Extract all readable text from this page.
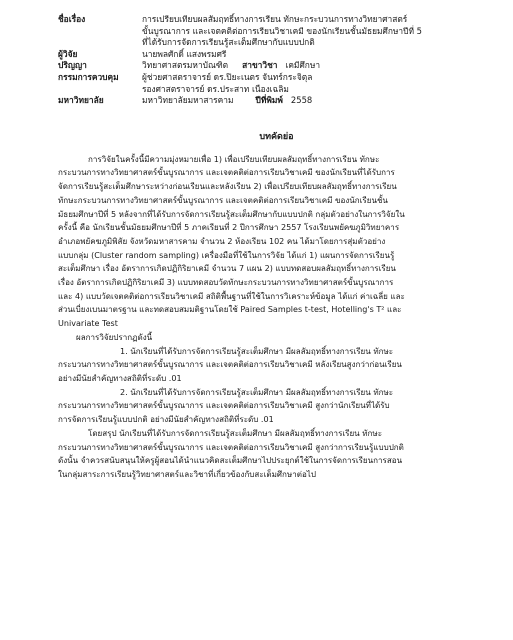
ชื่อเรื่อง	การเปรียบเทียบผลสัมฤทธิ์ทางการเรียน ทักษะกระบวนการทางวิทยาศาสตร์
ขั้นบูรณาการ และเจตคติต่อการเรียนวิชาเคมี ของนักเรียนชั้นมัธยมศึกษาปีที่ 5
ที่ได้รับการจัดการเรียนรู้สะเต็มศึกษากับแบบปกติ
ผู้วิจัย	นายพลศักดิ์ แสงพรมศรี
ปริญญา	วิทยาศาสตรมหาบัณฑิต สาขาวิชา เคมีศึกษา
กรรมการควบคุม	ผู้ช่วยศาสตราจารย์ ดร.ปิยะเนตร จันทร์กระจิตุล
รองศาสตราจารย์ ดร.ประสาท เนืองเฉลิม
มหาวิทยาลัย	มหาวิทยาลัยมหาสารคาม	ปีที่พิมพ์ 2558
บทคัดย่อ
การวิจัยในครั้งนี้มีความมุ่งหมายเพื่อ 1) เพื่อเปรียบเทียบผลสัมฤทธิ์ทางการเรียน ทักษะ
กระบวนการทางวิทยาศาสตร์ขั้นบูรณาการ และเจตคติต่อการเรียนวิชาเคมี ของนักเรียนที่ได้รับการ
จัดการเรียนรู้สะเต็มศึกษาระหว่างก่อนเรียนและหลังเรียน 2) เพื่อเปรียบเทียบผลสัมฤทธิ์ทางการเรียน
ทักษะกระบวนการทางวิทยาศาสตร์ขั้นบูรณาการ และเจตคติต่อการเรียนวิชาเคมี ของนักเรียนชั้น
มัธยมศึกษาปีที่ 5 หลังจากที่ได้รับการจัดการเรียนรู้สะเต็มศึกษากับแบบปกติ กลุ่มตัวอย่างในการวิจัยใน
ครั้งนี้ คือ นักเรียนชั้นมัธยมศึกษาปีที่ 5 ภาคเรียนที่ 2 ปีการศึกษา 2557 โรงเรียนพยัคฆภูมิวิทยาคาร
อำเภอพยัคฆภูมิพิสัย จังหวัดมหาสารคาม จำนวน 2 ห้องเรียน 102 คน ได้มาโดยการสุ่มตัวอย่าง
แบบกลุ่ม (Cluster random sampling) เครื่องมือที่ใช้ในการวิจัย ได้แก่ 1) แผนการจัดการเรียนรู้
สะเต็มศึกษา เรื่อง อัตราการเกิดปฏิกิริยาเคมี จำนวน 7 แผน 2) แบบทดสอบผลสัมฤทธิ์ทางการเรียน
เรื่อง อัตราการเกิดปฏิกิริยาเคมี 3) แบบทดสอบวัดทักษะกระบวนการทางวิทยาศาสตร์ขั้นบูรณาการ
และ 4) แบบวัดเจตคติต่อการเรียนวิชาเคมี สถิติพื้นฐานที่ใช้ในการวิเคราะห์ข้อมูล ได้แก่ ค่าเฉลี่ย และ
ส่วนเบี่ยงเบนมาตรฐาน และทดสอบสมมติฐานโดยใช้ Paired Samples t-test, Hotelling's T² และ
Univariate Test
ผลการวิจัยปรากฏดังนี้
1. นักเรียนที่ได้รับการจัดการเรียนรู้สะเต็มศึกษา มีผลสัมฤทธิ์ทางการเรียน ทักษะ
กระบวนการทางวิทยาศาสตร์ขั้นบูรณาการ และเจตคติต่อการเรียนวิชาเคมี หลังเรียนสูงกว่าก่อนเรียน
อย่างมีนัยสำคัญทางสถิติที่ระดับ .01
2. นักเรียนที่ได้รับการจัดการเรียนรู้สะเต็มศึกษา มีผลสัมฤทธิ์ทางการเรียน ทักษะ
กระบวนการทางวิทยาศาสตร์ขั้นบูรณาการ และเจตคติต่อการเรียนวิชาเคมี สูงกว่านักเรียนที่ได้รับ
การจัดการเรียนรู้แบบปกติ อย่างมีนัยสำคัญทางสถิติที่ระดับ .01
โดยสรุป นักเรียนที่ได้รับการจัดการเรียนรู้สะเต็มศึกษา มีผลสัมฤทธิ์ทางการเรียน ทักษะ
กระบวนการทางวิทยาศาสตร์ขั้นบูรณาการ และเจตคติต่อการเรียนวิชาเคมี สูงกว่าการเรียนรู้แบบปกติ
ดังนั้น จำควรสนับสนุนให้ครูผู้สอนได้นำแนวคิดสะเต็มศึกษาไปประยุกต์ใช้ในการจัดการเรียนการสอน
ในกลุ่มสาระการเรียนรู้วิทยาศาสตร์และวิชาที่เกี่ยวข้องกับสะเต็มศึกษาต่อไป
